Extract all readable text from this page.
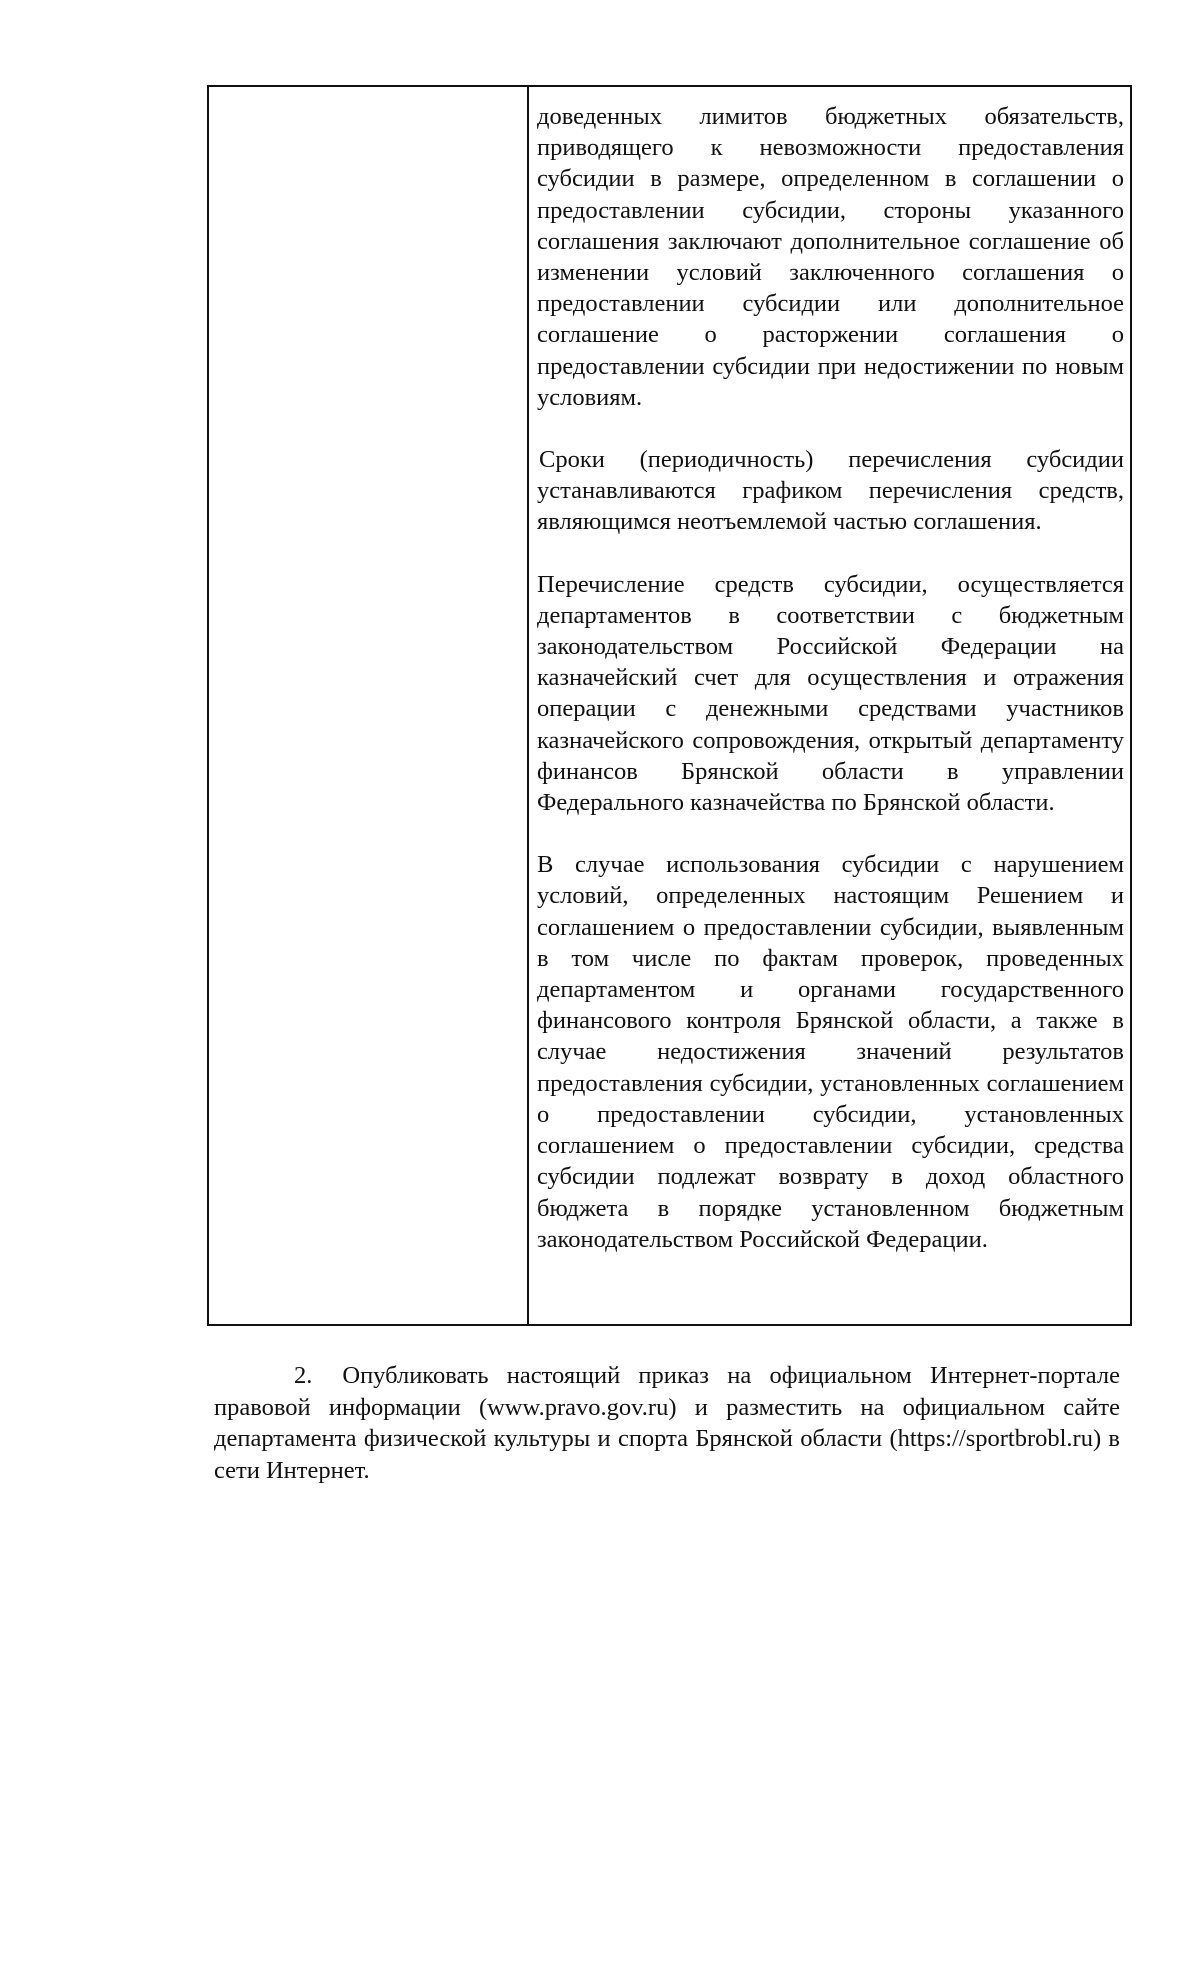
доведенных лимитов бюджетных обязательств, приводящего к невозможности предоставления субсидии в размере, определенном в соглашении о предоставлении субсидии, стороны указанного соглашения заключают дополнительное соглашение об изменении условий заключенного соглашения о предоставлении субсидии или дополнительное соглашение о расторжении соглашения о предоставлении субсидии при недостижении по новым условиям.

Сроки (периодичность) перечисления субсидии устанавливаются графиком перечисления средств, являющимся неотъемлемой частью соглашения.

Перечисление средств субсидии, осуществляется департаментов в соответствии с бюджетным законодательством Российской Федерации на казначейский счет для осуществления и отражения операции с денежными средствами участников казначейского сопровождения, открытый департаменту финансов Брянской области в управлении Федерального казначейства по Брянской области.

В случае использования субсидии с нарушением условий, определенных настоящим Решением и соглашением о предоставлении субсидии, выявленным в том числе по фактам проверок, проведенных департаментом и органами государственного финансового контроля Брянской области, а также в случае недостижения значений результатов предоставления субсидии, установленных соглашением о предоставлении субсидии, установленных соглашением о предоставлении субсидии, средства субсидии подлежат возврату в доход областного бюджета в порядке установленном бюджетным законодательством Российской Федерации.

2. Опубликовать настоящий приказ на официальном Интернет-портале правовой информации (www.pravo.gov.ru) и разместить на официальном сайте департамента физической культуры и спорта Брянской области (https://sportbrobl.ru) в сети Интернет.
